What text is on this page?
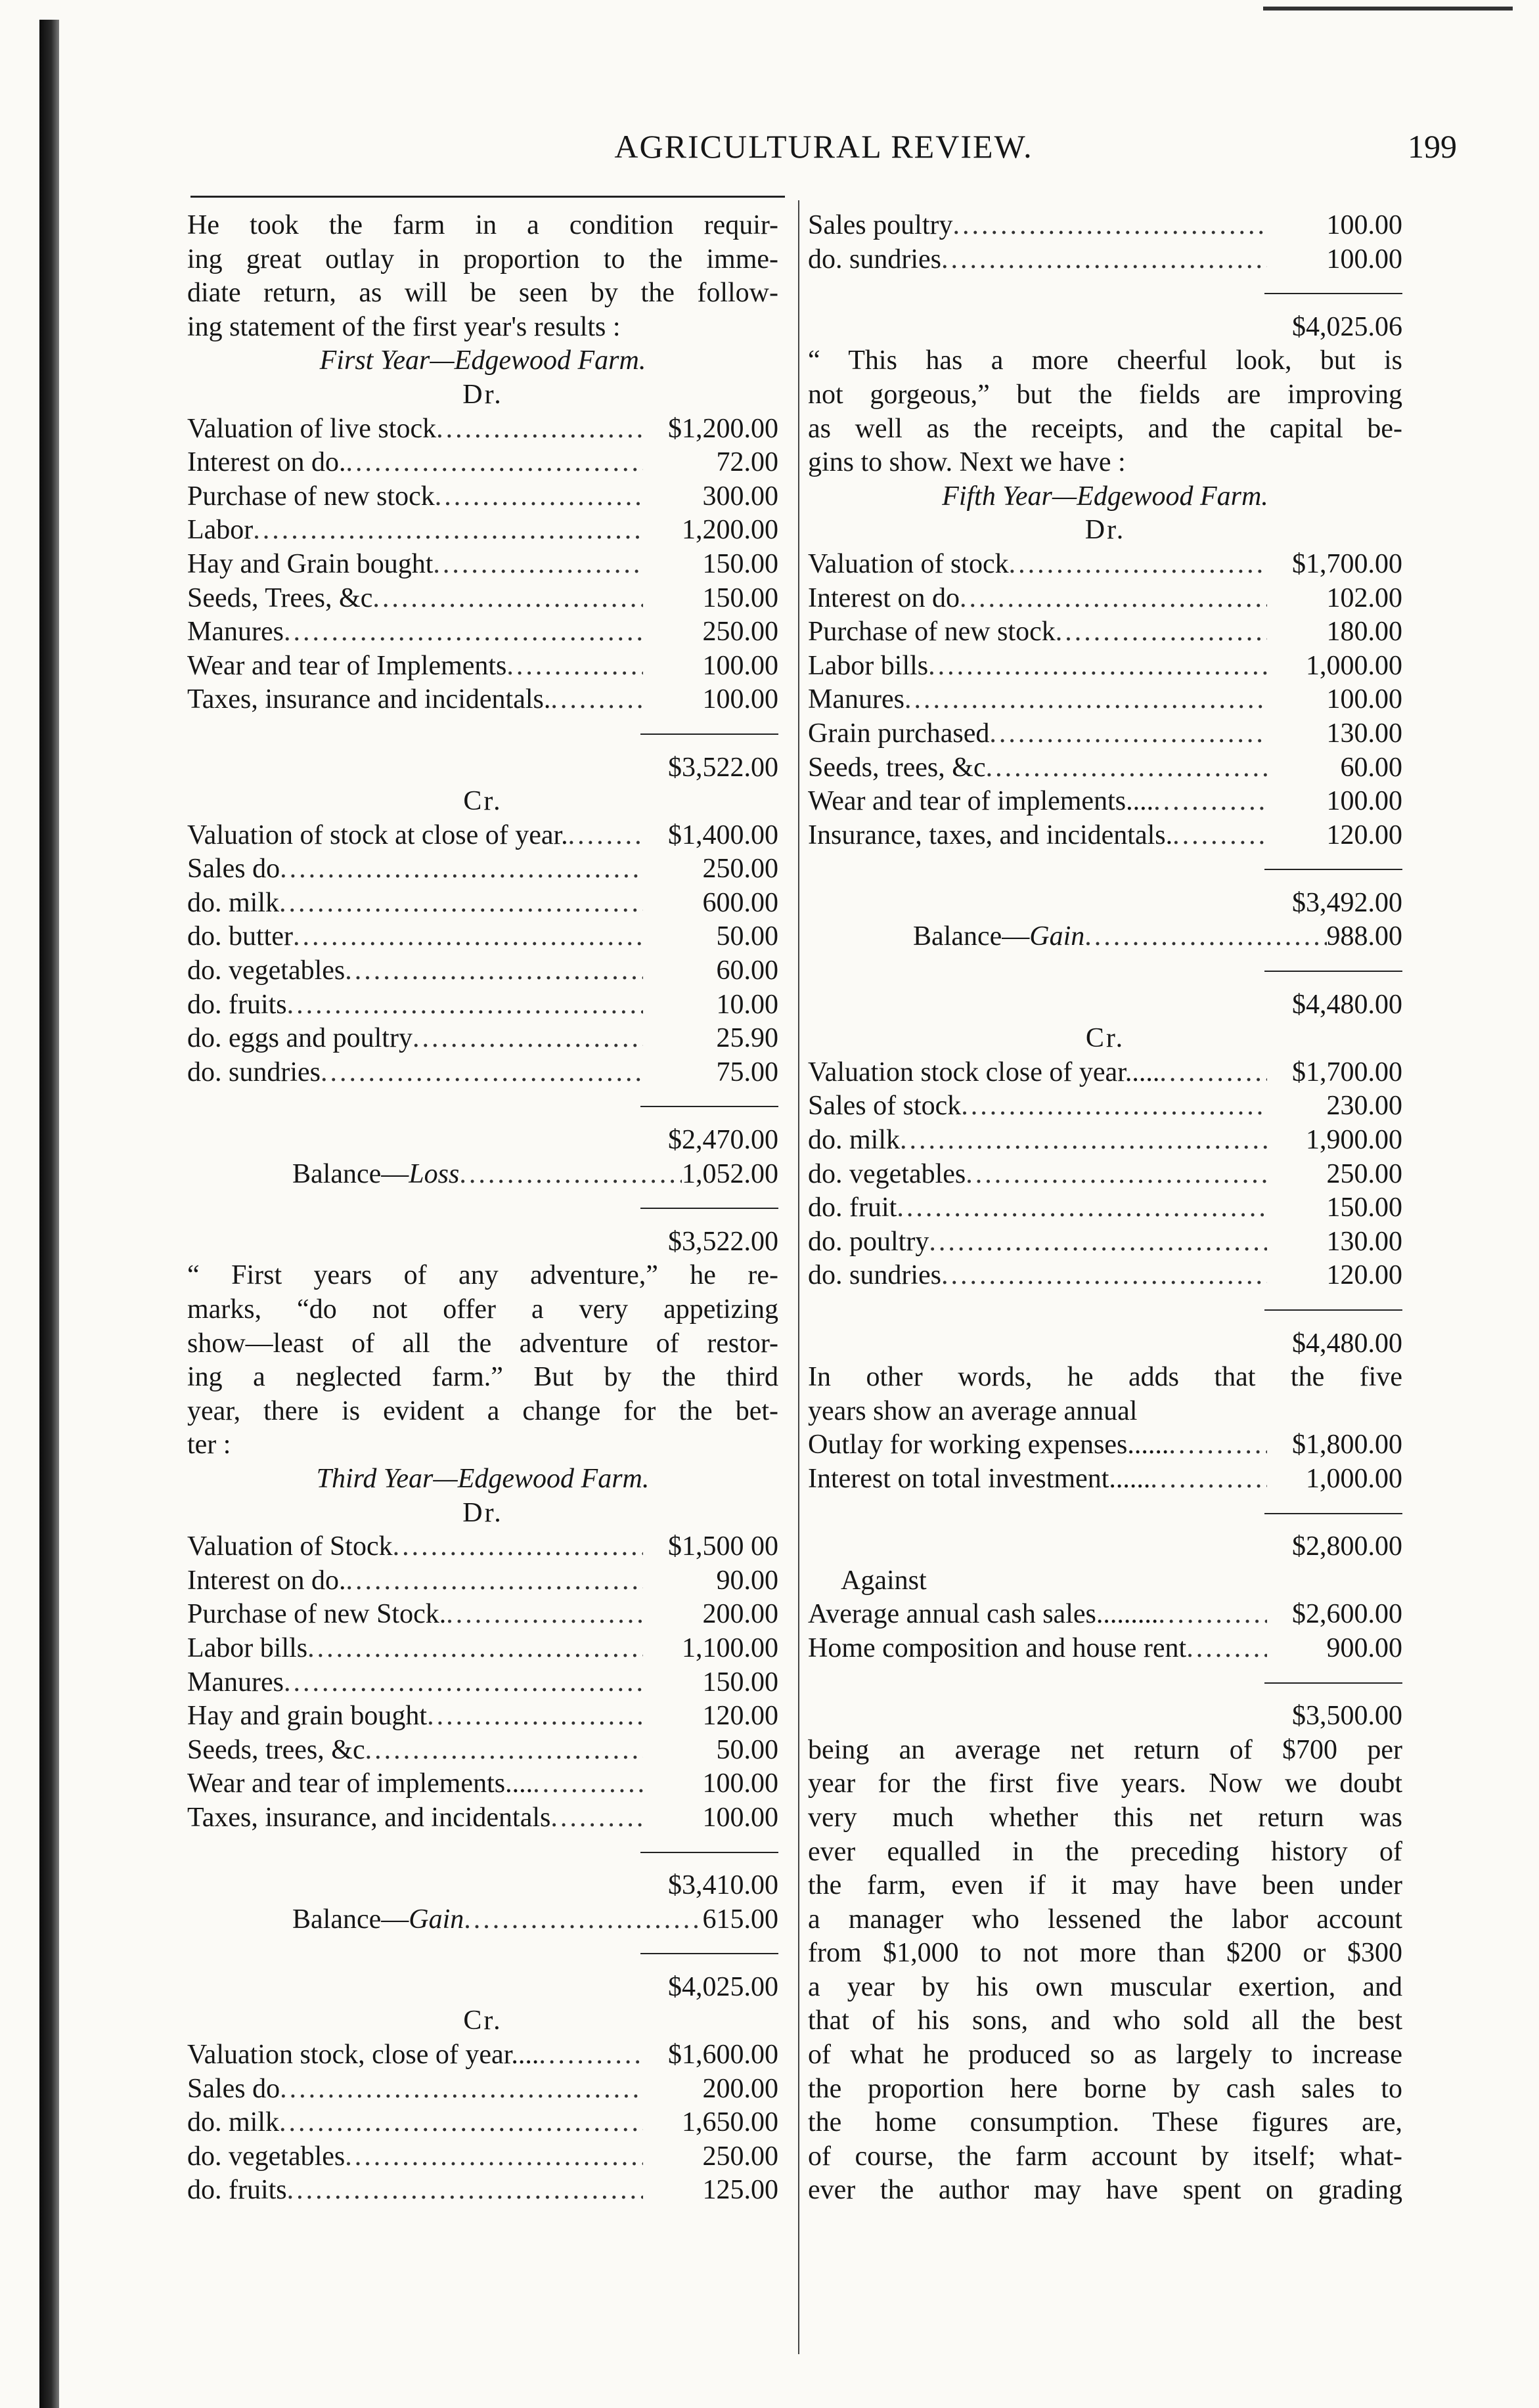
AGRICULTURAL REVIEW.	199
He took the farm in a condition requir-
ing great outlay in proportion to the imme-
diate return, as will be seen by the follow-
ing statement of the first year's results :
First Year—Edgewood Farm.
Dr.
Valuation of live stock .....	$1,200.00
Interest on do. .....	72.00
Purchase of new stock .....	300.00
Labor .....	1,200.00
Hay and Grain bought .....	150.00
Seeds, Trees, &c .....	150.00
Manures .....	250.00
Wear and tear of Implements .....	100.00
Taxes, insurance and incidentals. .....	100.00
$3,522.00
Cr.
Valuation of stock at close of year. .....	$1,400.00
Sales do .....	250.00
do. milk .....	600.00
do. butter .....	50.00
do. vegetables .....	60.00
do. fruits .....	10.00
do. eggs and poultry .....	25.90
do. sundries .....	75.00
$2,470.00
Balance— Loss .....	1,052.00
$3,522.00
“ First years of any adventure,” he re-
marks, “do not offer a very appetizing
show—least of all the adventure of restor-
ing a neglected farm.” But by the third
year, there is evident a change for the bet-
ter :
Third Year—Edgewood Farm.
Dr.
Valuation of Stock .....	$1,500 00
Interest on do. .....	90.00
Purchase of new Stock. .....	200.00
Labor bills .....	1,100.00
Manures .....	150.00
Hay and grain bought .....	120.00
Seeds, trees, &c .....	50.00
Wear and tear of implements.... .....	100.00
Taxes, insurance, and incidentals .....	100.00
$3,410.00
Balance— Gain .....	615.00
$4,025.00
Cr.
Valuation stock, close of year.... .....	$1,600.00
Sales do .....	200.00
do. milk .....	1,650.00
do. vegetables .....	250.00
do. fruits .....	125.00
Sales poultry .....	100.00
do. sundries .....	100.00
$4,025.06
“ This has a more cheerful look, but is
not gorgeous,” but the fields are improving
as well as the receipts, and the capital be-
gins to show. Next we have :
Fifth Year—Edgewood Farm.
Dr.
Valuation of stock .....	$1,700.00
Interest on do .....	102.00
Purchase of new stock .....	180.00
Labor bills .....	1,000.00
Manures .....	100.00
Grain purchased .....	130.00
Seeds, trees, &c .....	60.00
Wear and tear of implements.... .....	100.00
Insurance, taxes, and incidentals. .....	120.00
$3,492.00
Balance— Gain .....	988.00
$4,480.00
Cr.
Valuation stock close of year..... .....	$1,700.00
Sales of stock .....	230.00
do. milk .....	1,900.00
do. vegetables .....	250.00
do. fruit .....	150.00
do. poultry .....	130.00
do. sundries .....	120.00
$4,480.00
In other words, he adds that the five
years show an average annual
Outlay for working expenses...... .....	$1,800.00
Interest on total investment...... .....	1,000.00
$2,800.00
Against
Average annual cash sales......... .....	$2,600.00
Home composition and house rent .....	900.00
$3,500.00
being an average net return of $700 per
year for the first five years. Now we doubt
very much whether this net return was
ever equalled in the preceding history of
the farm, even if it may have been under
a manager who lessened the labor account
from $1,000 to not more than $200 or $300
a year by his own muscular exertion, and
that of his sons, and who sold all the best
of what he produced so as largely to increase
the proportion here borne by cash sales to
the home consumption. These figures are,
of course, the farm account by itself; what-
ever the author may have spent on grading
